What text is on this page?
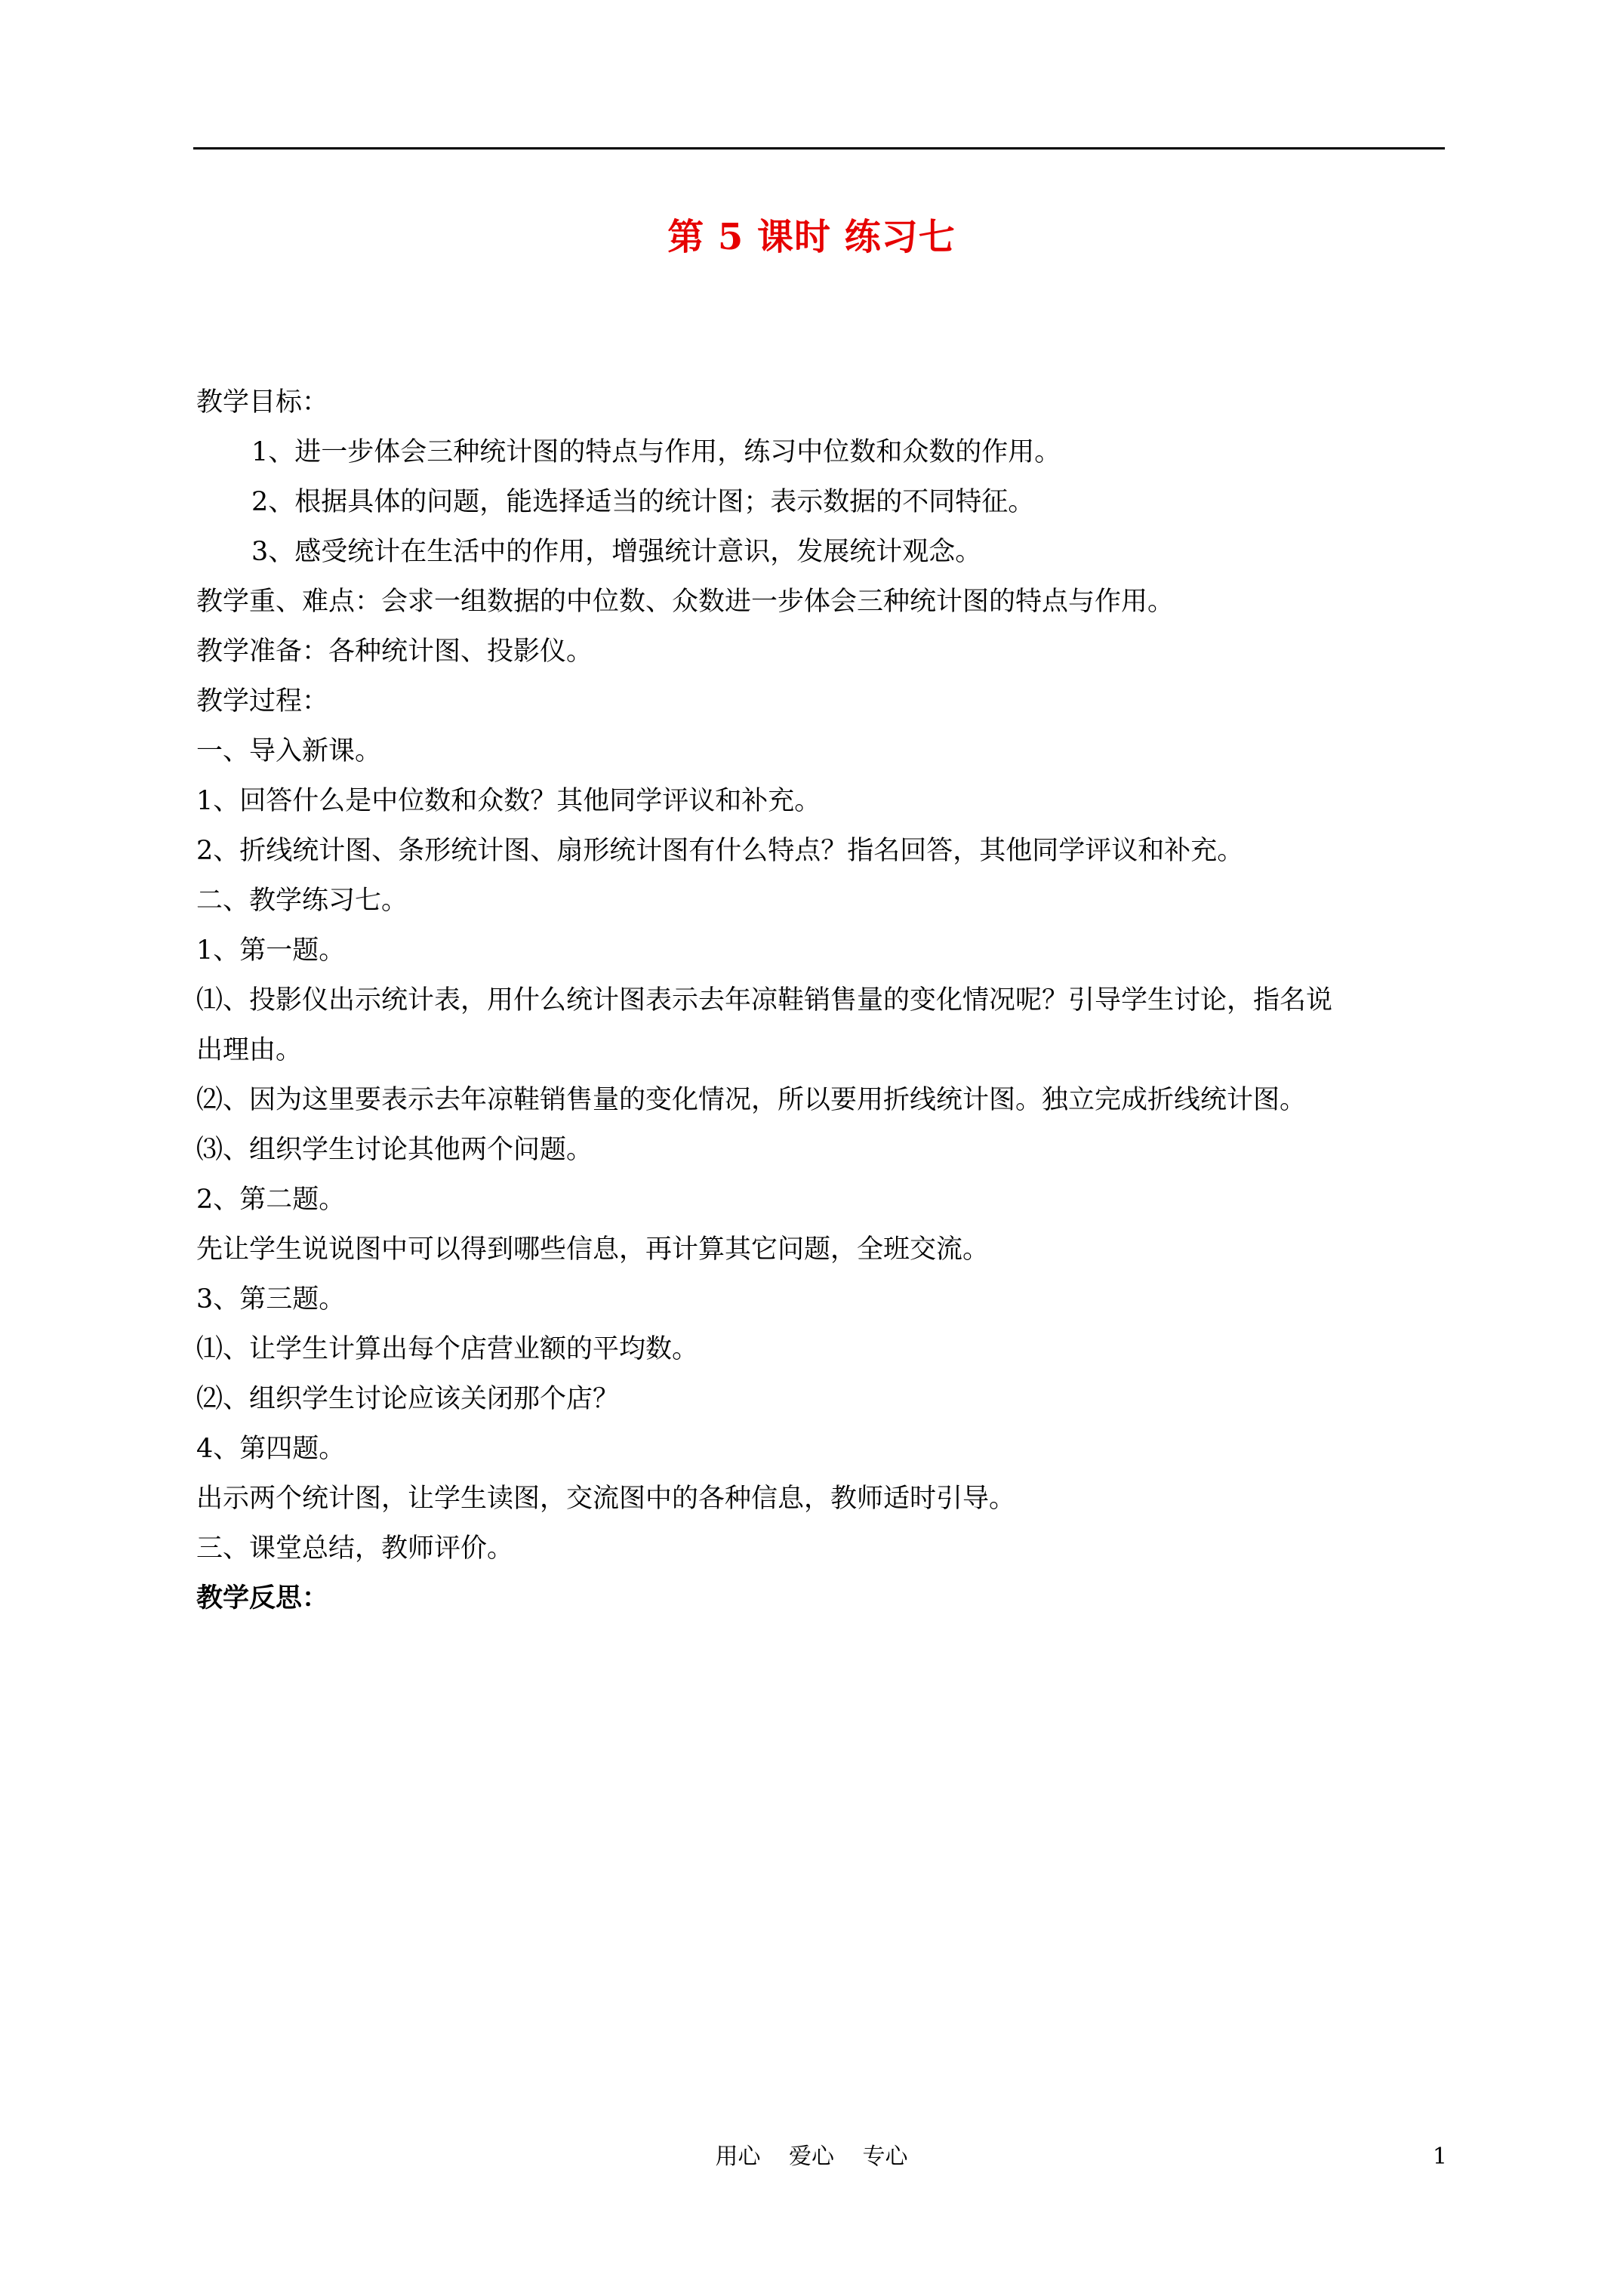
第 5 课时 练习七
教学目标：
1、进一步体会三种统计图的特点与作用，练习中位数和众数的作用。
2、根据具体的问题，能选择适当的统计图；表示数据的不同特征。
3、感受统计在生活中的作用，增强统计意识，发展统计观念。
教学重、难点：会求一组数据的中位数、众数进一步体会三种统计图的特点与作用。
教学准备：各种统计图、投影仪。
教学过程：
一、导入新课。
1、回答什么是中位数和众数？其他同学评议和补充。
2、折线统计图、条形统计图、扇形统计图有什么特点？指名回答，其他同学评议和补充。
二、教学练习七。
1、第一题。
⑴、投影仪出示统计表，用什么统计图表示去年凉鞋销售量的变化情况呢？引导学生讨论，指名说
出理由。
⑵、因为这里要表示去年凉鞋销售量的变化情况，所以要用折线统计图。独立完成折线统计图。
⑶、组织学生讨论其他两个问题。
2、第二题。
先让学生说说图中可以得到哪些信息，再计算其它问题，全班交流。
3、第三题。
⑴、让学生计算出每个店营业额的平均数。
⑵、组织学生讨论应该关闭那个店？
4、第四题。
出示两个统计图，让学生读图，交流图中的各种信息，教师适时引导。
三、课堂总结，教师评价。
教学反思：
用心 爱心 专心	1
